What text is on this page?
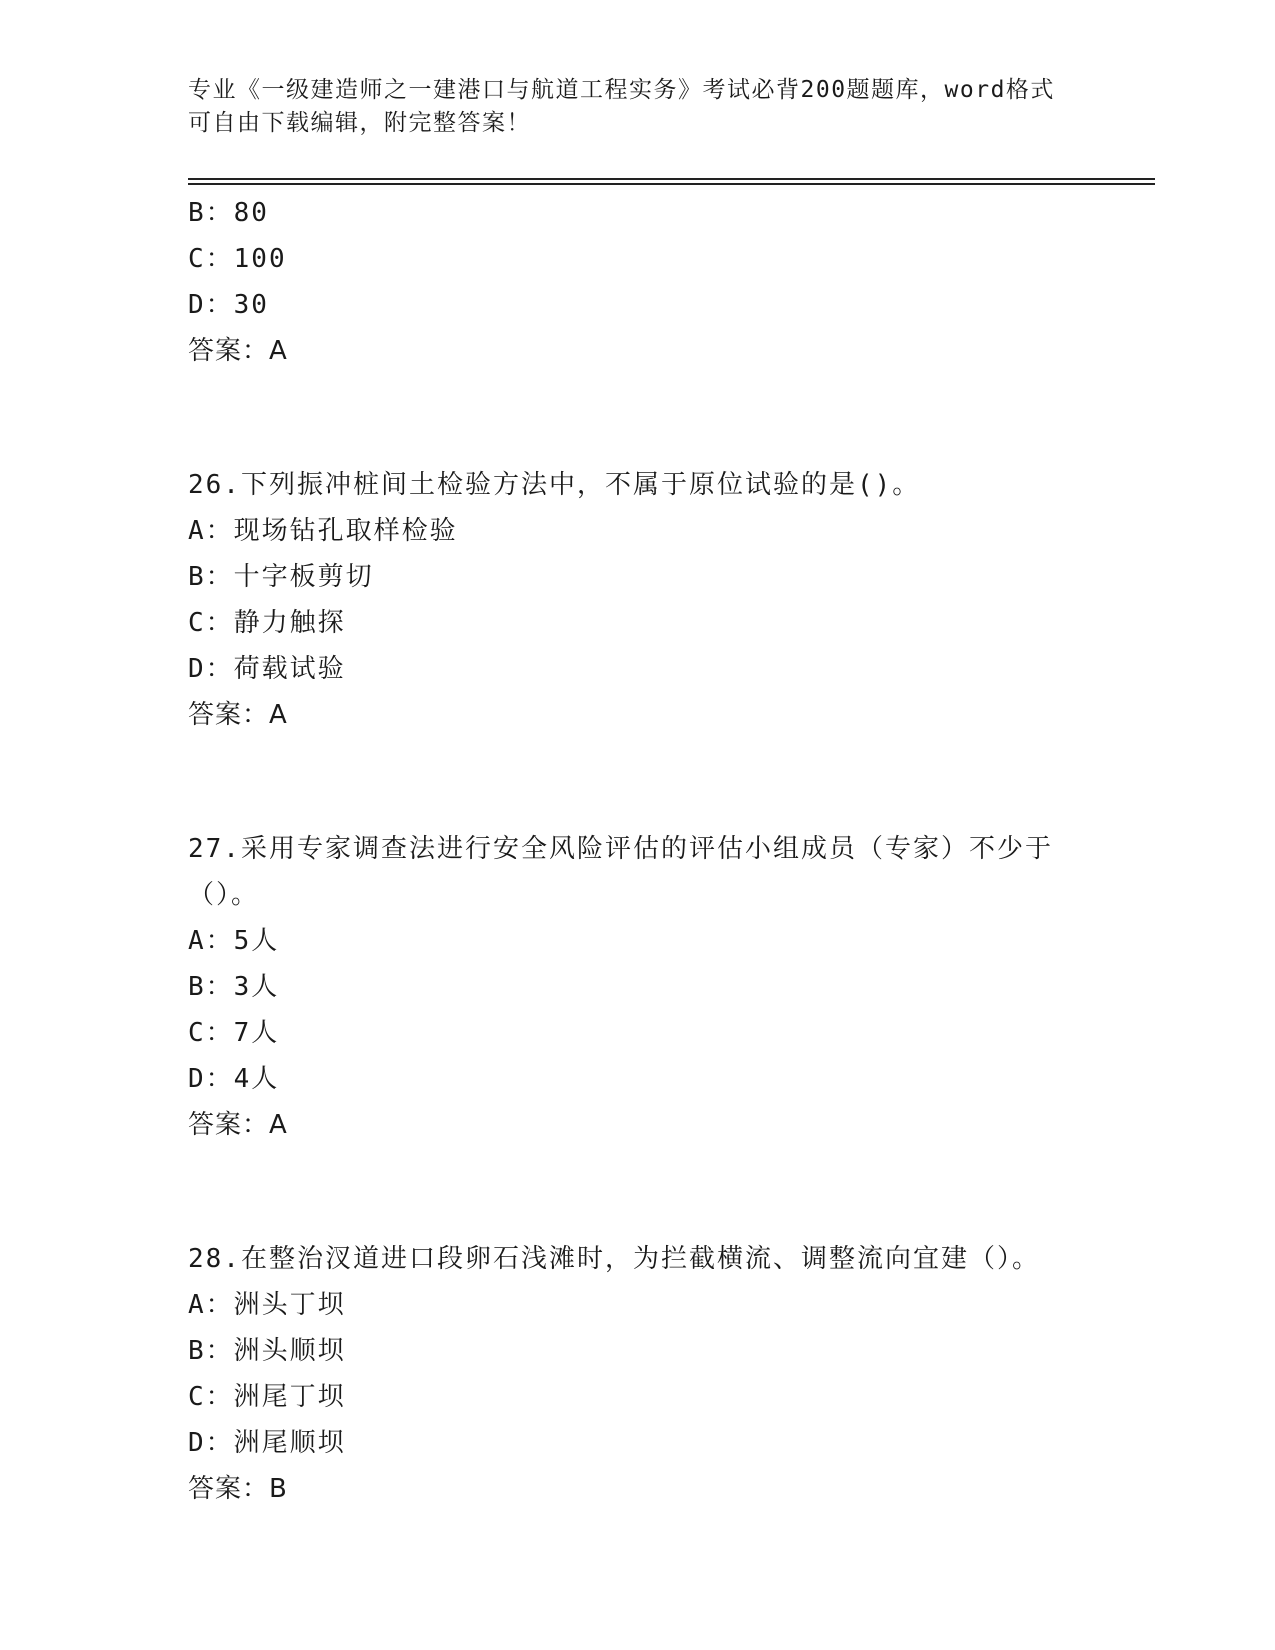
专业《一级建造师之一建港口与航道工程实务》考试必背200题题库，word格式
可自由下载编辑，附完整答案！
B：80
C：100
D：30
答案：A
26.下列振冲桩间土检验方法中，不属于原位试验的是()。
A：现场钻孔取样检验
B：十字板剪切
C：静力触探
D：荷载试验
答案：A
27.采用专家调查法进行安全风险评估的评估小组成员（专家）不少于
（）。
A：5人
B：3人
C：7人
D：4人
答案：A
28.在整治汊道进口段卵石浅滩时，为拦截横流、调整流向宜建（）。
A：洲头丁坝
B：洲头顺坝
C：洲尾丁坝
D：洲尾顺坝
答案：B
